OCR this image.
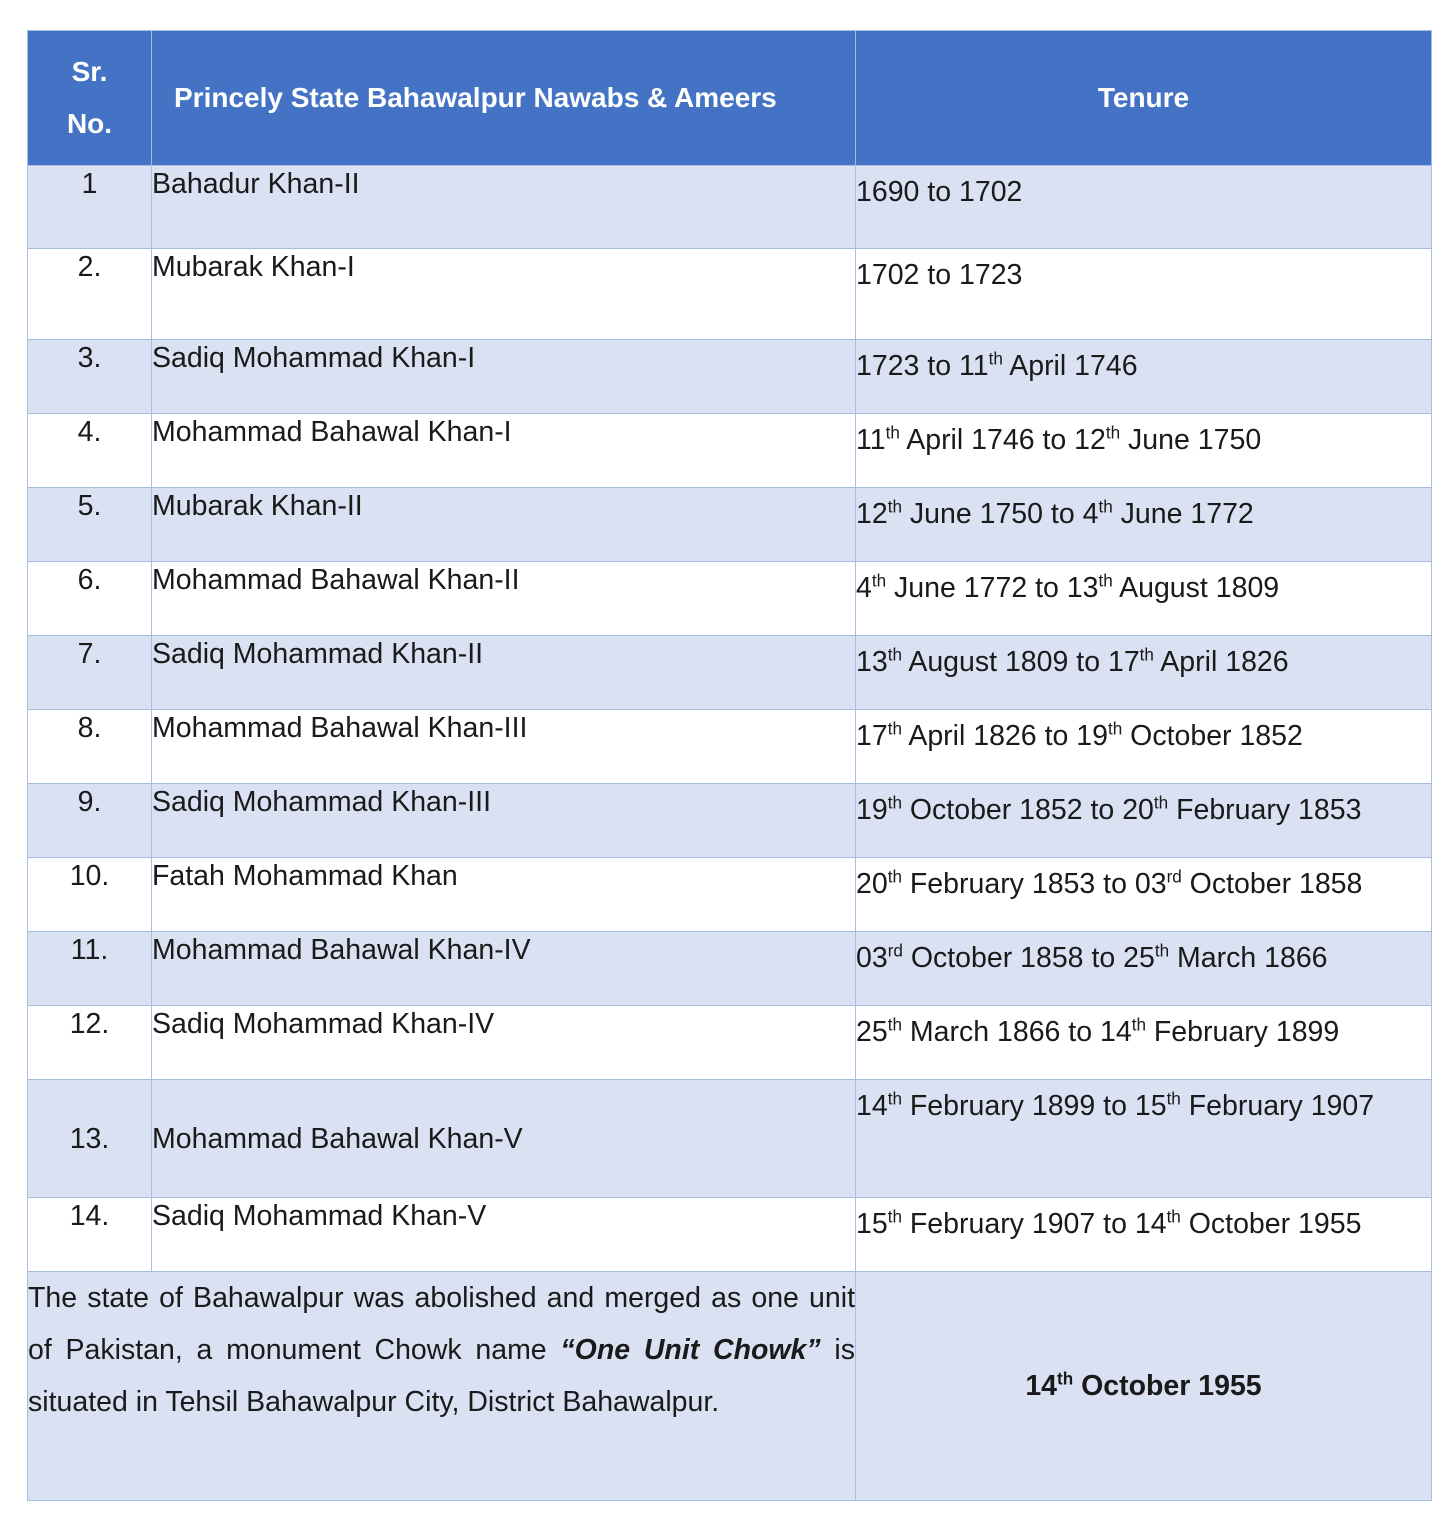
Sr.
No.	Princely State Bahawalpur Nawabs & Ameers	Tenure
1	Bahadur Khan-II	1690 to 1702
2.	Mubarak Khan-I	1702 to 1723
3.	Sadiq Mohammad Khan-I	1723 to 11th April 1746
4.	Mohammad Bahawal Khan-I	11th April 1746 to 12th June 1750
5.	Mubarak Khan-II	12th June 1750 to 4th June 1772
6.	Mohammad Bahawal Khan-II	4th June 1772 to 13th August 1809
7.	Sadiq Mohammad Khan-II	13th August 1809 to 17th April 1826
8.	Mohammad Bahawal Khan-III	17th April 1826 to 19th October 1852
9.	Sadiq Mohammad Khan-III	19th October 1852 to 20th February 1853
10.	Fatah Mohammad Khan	20th February 1853 to 03rd October 1858
11.	Mohammad Bahawal Khan-IV	03rd October 1858 to 25th March 1866
12.	Sadiq Mohammad Khan-IV	25th March 1866 to 14th February 1899
13.	Mohammad Bahawal Khan-V	14th February 1899 to 15th February 1907
14.	Sadiq Mohammad Khan-V	15th February 1907 to 14th October 1955
The state of Bahawalpur was abolished and merged as one unit of Pakistan, a monument Chowk name “One Unit Chowk” is situated in Tehsil Bahawalpur City, District Bahawalpur.		14th October 1955
